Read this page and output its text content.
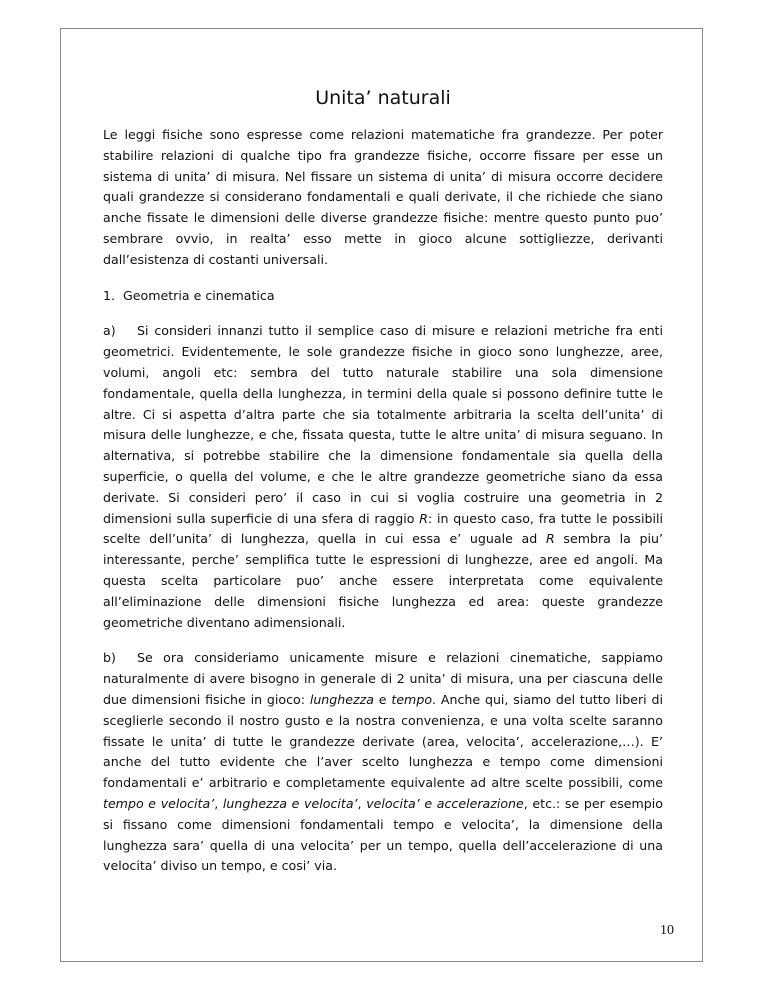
Unita’ naturali

Le leggi fisiche sono espresse come relazioni matematiche fra grandezze. Per poter stabilire relazioni di qualche tipo fra grandezze fisiche, occorre fissare per esse un sistema di unita’ di misura. Nel fissare un sistema di unita’ di misura occorre decidere quali grandezze si considerano fondamentali e quali derivate, il che richiede che siano anche fissate le dimensioni delle diverse grandezze fisiche: mentre questo punto puo’ sembrare ovvio, in realta’ esso mette in gioco alcune sottigliezze, derivanti dall’esistenza di costanti universali.

1. Geometria e cinematica

a) Si consideri innanzi tutto il semplice caso di misure e relazioni metriche fra enti geometrici. Evidentemente, le sole grandezze fisiche in gioco sono lunghezze, aree, volumi, angoli etc: sembra del tutto naturale stabilire una sola dimensione fondamentale, quella della lunghezza, in termini della quale si possono definire tutte le altre. Ci si aspetta d’altra parte che sia totalmente arbitraria la scelta dell’unita’ di misura delle lunghezze, e che, fissata questa, tutte le altre unita’ di misura seguano. In alternativa, si potrebbe stabilire che la dimensione fondamentale sia quella della superficie, o quella del volume, e che le altre grandezze geometriche siano da essa derivate. Si consideri pero’ il caso in cui si voglia costruire una geometria in 2 dimensioni sulla superficie di una sfera di raggio R: in questo caso, fra tutte le possibili scelte dell’unita’ di lunghezza, quella in cui essa e’ uguale ad R sembra la piu’ interessante, perche’ semplifica tutte le espressioni di lunghezze, aree ed angoli. Ma questa scelta particolare puo’ anche essere interpretata come equivalente all’eliminazione delle dimensioni fisiche lunghezza ed area: queste grandezze geometriche diventano adimensionali.

b) Se ora consideriamo unicamente misure e relazioni cinematiche, sappiamo naturalmente di avere bisogno in generale di 2 unita’ di misura, una per ciascuna delle due dimensioni fisiche in gioco: lunghezza e tempo. Anche qui, siamo del tutto liberi di sceglierle secondo il nostro gusto e la nostra convenienza, e una volta scelte saranno fissate le unita’ di tutte le grandezze derivate (area, velocita’, accelerazione,…). E’ anche del tutto evidente che l’aver scelto lunghezza e tempo come dimensioni fondamentali e’ arbitrario e completamente equivalente ad altre scelte possibili, come tempo e velocita’, lunghezza e velocita’, velocita’ e accelerazione, etc.: se per esempio si fissano come dimensioni fondamentali tempo e velocita’, la dimensione della lunghezza sara’ quella di una velocita’ per un tempo, quella dell’accelerazione di una velocita’ diviso un tempo, e cosi’ via.

10
